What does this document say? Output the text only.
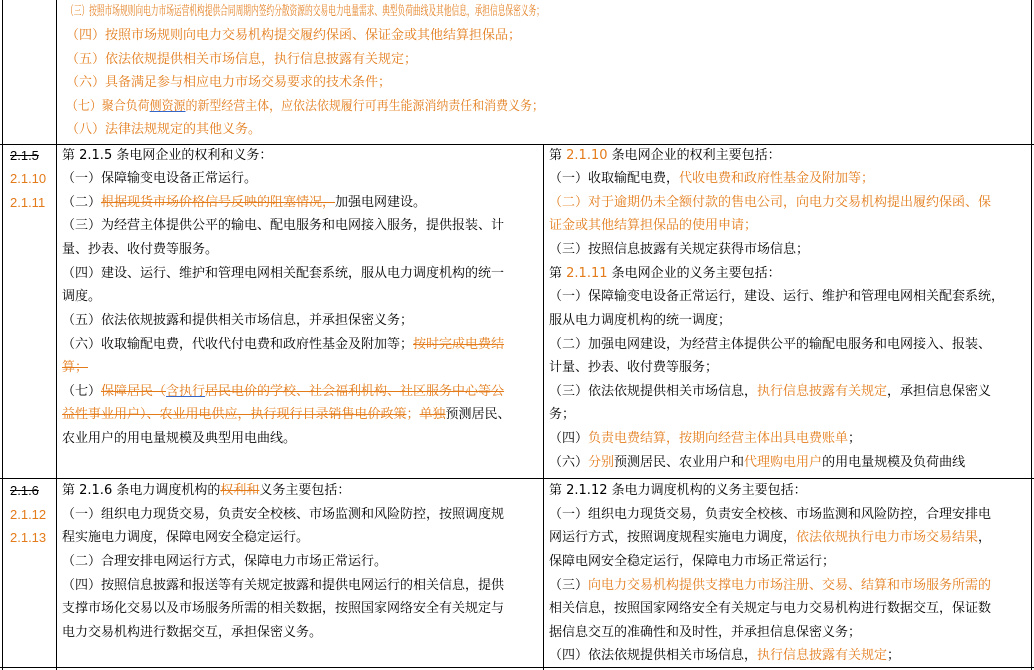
（三）按照市场规则向电力市场运营机构提供合同周期内签约分散资源的交易电力电量需求、典型负荷曲线及其他信息，承担信息保密义务；
（四）按照市场规则向电力交易机构提交履约保函、保证金或其他结算担保品；
（五）依法依规提供相关市场信息，执行信息披露有关规定；
（六）具备满足参与相应电力市场交易要求的技术条件；
（七）聚合负荷侧资源的新型经营主体，应依法依规履行可再生能源消纳责任和消费义务；
（八）法律法规规定的其他义务。
2.1.5
2.1.10
2.1.11
第 2.1.5 条电网企业的权利和义务：
（一）保障输变电设备正常运行。
（二）根据现货市场价格信号反映的阻塞情况，加强电网建设。
（三）为经营主体提供公平的输电、配电服务和电网接入服务，提供报装、计
量、抄表、收付费等服务。
（四）建设、运行、维护和管理电网相关配套系统，服从电力调度机构的统一
调度。
（五）依法依规披露和提供相关市场信息，并承担保密义务；
（六）收取输配电费，代收代付电费和政府性基金及附加等；按时完成电费结
算；
（七）保障居民（含执行居民电价的学校、社会福利机构、社区服务中心等公
益性事业用户）、农业用电供应，执行现行目录销售电价政策；单独预测居民、
农业用户的用电量规模及典型用电曲线。
第 2.1.10 条电网企业的权利主要包括：
（一）收取输配电费，代收电费和政府性基金及附加等；
（二）对于逾期仍未全额付款的售电公司，向电力交易机构提出履约保函、保
证金或其他结算担保品的使用申请；
（三）按照信息披露有关规定获得市场信息；
第 2.1.11 条电网企业的义务主要包括：
（一）保障输变电设备正常运行，建设、运行、维护和管理电网相关配套系统，
服从电力调度机构的统一调度；
（二）加强电网建设，为经营主体提供公平的输配电服务和电网接入、报装、
计量、抄表、收付费等服务；
（三）依法依规提供相关市场信息，执行信息披露有关规定，承担信息保密义
务；
（四）负责电费结算，按期向经营主体出具电费账单；
（六）分别预测居民、农业用户和代理购电用户的用电量规模及负荷曲线
2.1.6
2.1.12
2.1.13
第 2.1.6 条电力调度机构的权利和义务主要包括：
（一）组织电力现货交易，负责安全校核、市场监测和风险防控，按照调度规
程实施电力调度，保障电网安全稳定运行。
（二）合理安排电网运行方式，保障电力市场正常运行。
（四）按照信息披露和报送等有关规定披露和提供电网运行的相关信息，提供
支撑市场化交易以及市场服务所需的相关数据，按照国家网络安全有关规定与
电力交易机构进行数据交互，承担保密义务。
第 2.1.12 条电力调度机构的义务主要包括：
（一）组织电力现货交易，负责安全校核、市场监测和风险防控，合理安排电
网运行方式，按照调度规程实施电力调度，依法依规执行电力市场交易结果，
保障电网安全稳定运行，保障电力市场正常运行；
（三）向电力交易机构提供支撑电力市场注册、交易、结算和市场服务所需的
相关信息，按照国家网络安全有关规定与电力交易机构进行数据交互，保证数
据信息交互的准确性和及时性，并承担信息保密义务；
（四）依法依规提供相关市场信息，执行信息披露有关规定；
